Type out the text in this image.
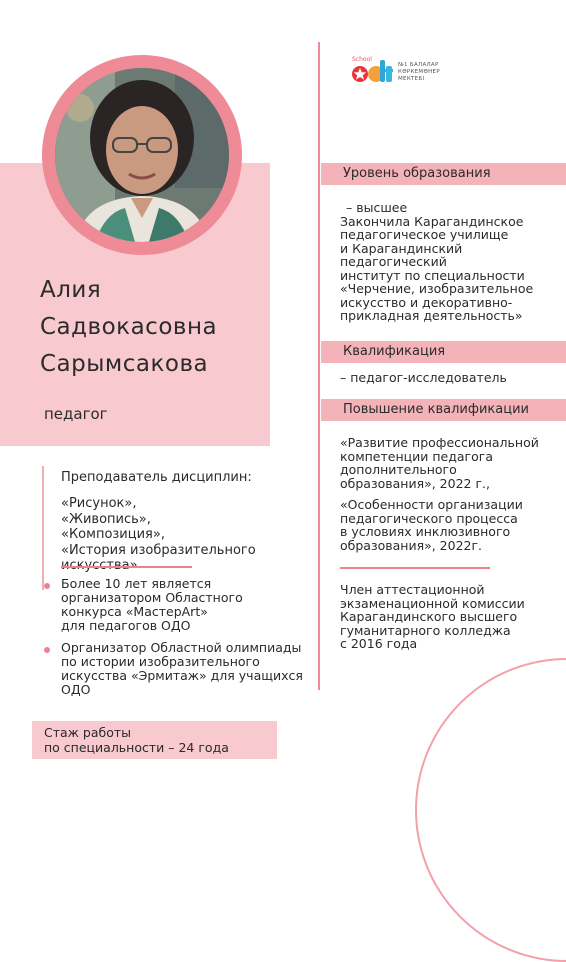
School
№1 БАЛАЛАР
КӨРКЕМӨНЕР
МЕКТЕБІ
Алия
Садвокасовна
Сарымсакова
педагог
Преподаватель дисциплин:
«Рисунок»,
«Живопись»,
«Композиция»,
«История изобразительного
Более 10 лет является
организатором Областного
конкурса «МастерArt»
для педагогов ОДО
Организатор Областной олимпиады
по истории изобразительного
искусства «Эрмитаж» для учащихся
ОДО
Стаж работы
по специальности – 24 года
Уровень образования
– высшее
Закончила Карагандинское
педагогическое училище
и Карагандинский
педагогический
институт по специальности
«Черчение, изобразительное
искусство и декоративно-
прикладная деятельность»
Квалификация
– педагог-исследователь
Повышение квалификации
«Развитие профессиональной
компетенции педагога
дополнительного
образования», 2022 г.,
«Особенности организации
педагогического процесса
в условиях инклюзивного
образования», 2022г.
Член аттестационной
экзаменационной комиссии
Карагандинского высшего
гуманитарного колледжа
с 2016 года
